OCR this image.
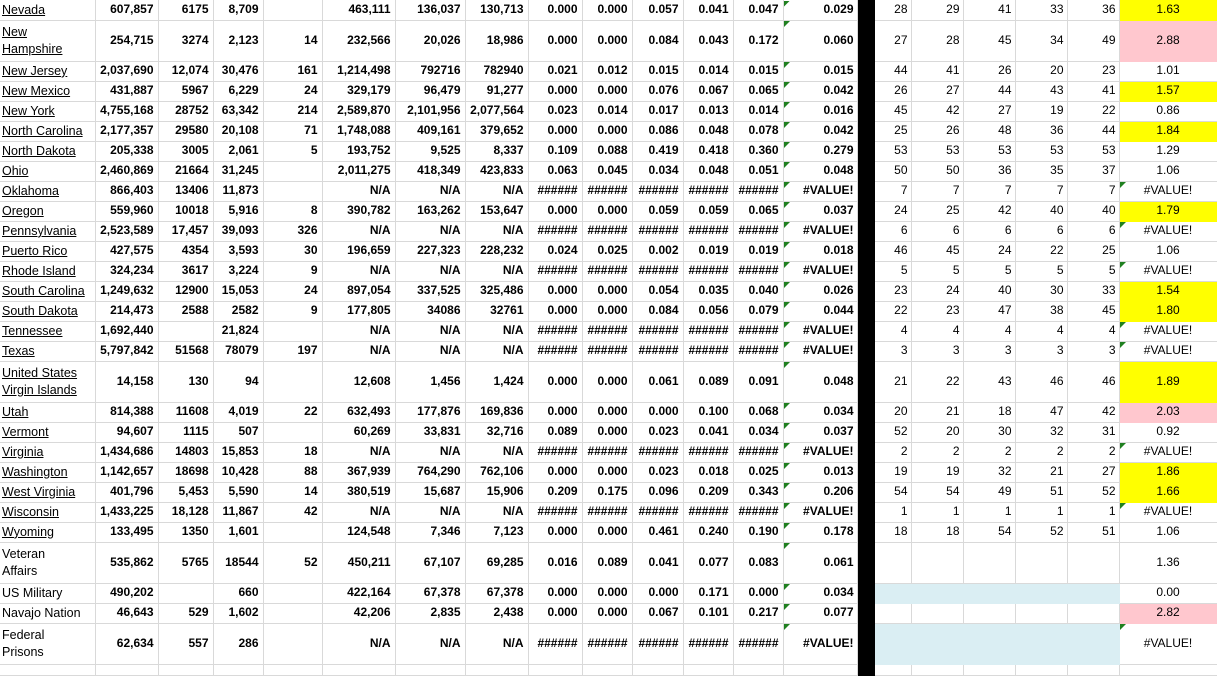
Nevada	607,857	6175	8,709		463,111	136,037	130,713	0.000	0.000	0.057	0.041	0.047	0.029		28	29	41	33	36	1.63
New
Hampshire	254,715	3274	2,123	14	232,566	20,026	18,986	0.000	0.000	0.084	0.043	0.172	0.060		27	28	45	34	49	2.88
New Jersey	2,037,690	12,074	30,476	161	1,214,498	792716	782940	0.021	0.012	0.015	0.014	0.015	0.015		44	41	26	20	23	1.01
New Mexico	431,887	5967	6,229	24	329,179	96,479	91,277	0.000	0.000	0.076	0.067	0.065	0.042		26	27	44	43	41	1.57
New York	4,755,168	28752	63,342	214	2,589,870	2,101,956	2,077,564	0.023	0.014	0.017	0.013	0.014	0.016		45	42	27	19	22	0.86
North Carolina	2,177,357	29580	20,108	71	1,748,088	409,161	379,652	0.000	0.000	0.086	0.048	0.078	0.042		25	26	48	36	44	1.84
North Dakota	205,338	3005	2,061	5	193,752	9,525	8,337	0.109	0.088	0.419	0.418	0.360	0.279		53	53	53	53	53	1.29
Ohio	2,460,869	21664	31,245		2,011,275	418,349	423,833	0.063	0.045	0.034	0.048	0.051	0.048		50	50	36	35	37	1.06
Oklahoma	866,403	13406	11,873		N/A	N/A	N/A	######	######	######	######	######	#VALUE!		7	7	7	7	7	#VALUE!

Oregon	559,960	10018	5,916	8	390,782	163,262	153,647	0.000	0.000	0.059	0.059	0.065	0.037		24	25	42	40	40	1.79
Pennsylvania	2,523,589	17,457	39,093	326	N/A	N/A	N/A	######	######	######	######	######	#VALUE!		6	6	6	6	6	#VALUE!

Puerto Rico	427,575	4354	3,593	30	196,659	227,323	228,232	0.024	0.025	0.002	0.019	0.019	0.018		46	45	24	22	25	1.06
Rhode Island	324,234	3617	3,224	9	N/A	N/A	N/A	######	######	######	######	######	#VALUE!		5	5	5	5	5	#VALUE!

South Carolina	1,249,632	12900	15,053	24	897,054	337,525	325,486	0.000	0.000	0.054	0.035	0.040	0.026		23	24	40	30	33	1.54
South Dakota	214,473	2588	2582	9	177,805	34086	32761	0.000	0.000	0.084	0.056	0.079	0.044		22	23	47	38	45	1.80
Tennessee	1,692,440		21,824		N/A	N/A	N/A	######	######	######	######	######	#VALUE!		4	4	4	4	4	#VALUE!

Texas	5,797,842	51568	78079	197	N/A	N/A	N/A	######	######	######	######	######	#VALUE!		3	3	3	3	3	#VALUE!

United States
Virgin Islands	14,158	130	94		12,608	1,456	1,424	0.000	0.000	0.061	0.089	0.091	0.048		21	22	43	46	46	1.89
Utah	814,388	11608	4,019	22	632,493	177,876	169,836	0.000	0.000	0.000	0.100	0.068	0.034		20	21	18	47	42	2.03
Vermont	94,607	1115	507		60,269	33,831	32,716	0.089	0.000	0.023	0.041	0.034	0.037		52	20	30	32	31	0.92
Virginia	1,434,686	14803	15,853	18	N/A	N/A	N/A	######	######	######	######	######	#VALUE!		2	2	2	2	2	#VALUE!

Washington	1,142,657	18698	10,428	88	367,939	764,290	762,106	0.000	0.000	0.023	0.018	0.025	0.013		19	19	32	21	27	1.86
West Virginia	401,796	5,453	5,590	14	380,519	15,687	15,906	0.209	0.175	0.096	0.209	0.343	0.206		54	54	49	51	52	1.66
Wisconsin	1,433,225	18,128	11,867	42	N/A	N/A	N/A	######	######	######	######	######	#VALUE!		1	1	1	1	1	#VALUE!

Wyoming	133,495	1350	1,601		124,548	7,346	7,123	0.000	0.000	0.461	0.240	0.190	0.178		18	18	54	52	51	1.06
Veteran
Affairs	535,862	5765	18544	52	450,211	67,107	69,285	0.016	0.089	0.041	0.077	0.083	0.061							1.36
US Military	490,202		660		422,164	67,378	67,378	0.000	0.000	0.000	0.171	0.000	0.034							0.00
Navajo Nation	46,643	529	1,602		42,206	2,835	2,438	0.000	0.000	0.067	0.101	0.217	0.077							2.82
Federal
Prisons	62,634	557	286		N/A	N/A	N/A	######	######	######	######	######	#VALUE!							#VALUE!
